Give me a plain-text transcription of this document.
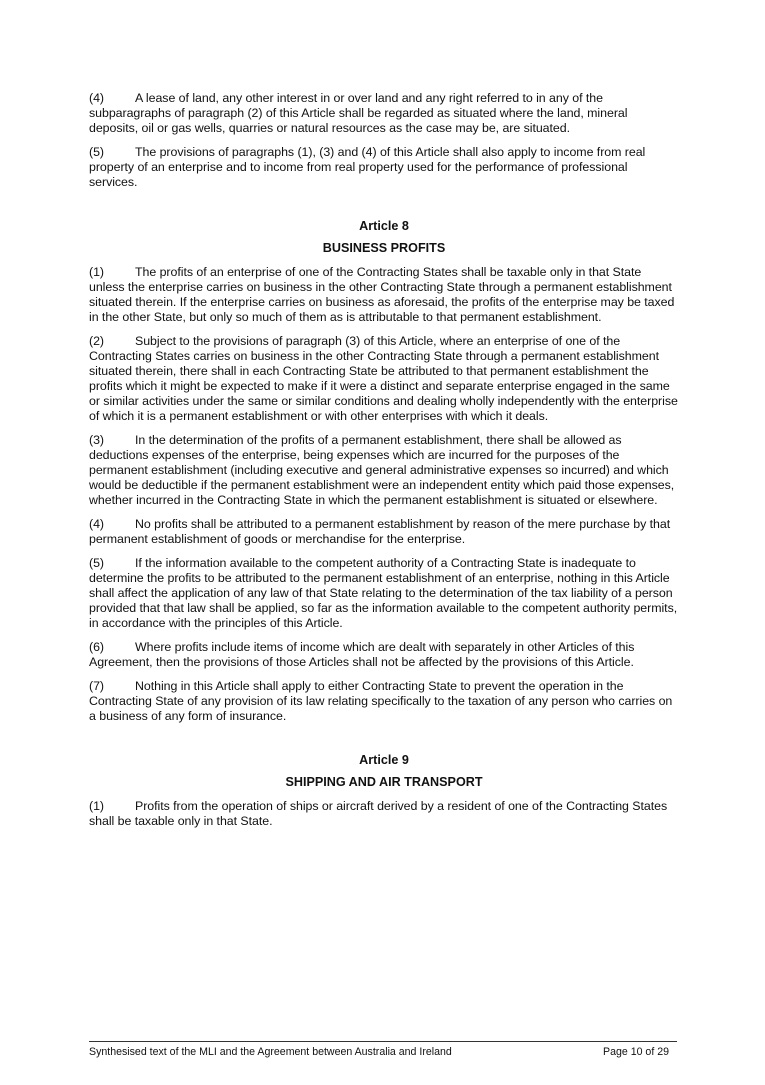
(4)	A lease of land, any other interest in or over land and any right referred to in any of the subparagraphs of paragraph (2) of this Article shall be regarded as situated where the land, mineral deposits, oil or gas wells, quarries or natural resources as the case may be, are situated.

(5)	The provisions of paragraphs (1), (3) and (4) of this Article shall also apply to income from real property of an enterprise and to income from real property used for the performance of professional services.

Article 8

BUSINESS PROFITS

(1)	The profits of an enterprise of one of the Contracting States shall be taxable only in that State unless the enterprise carries on business in the other Contracting State through a permanent establishment situated therein. If the enterprise carries on business as aforesaid, the profits of the enterprise may be taxed in the other State, but only so much of them as is attributable to that permanent establishment.

(2)	Subject to the provisions of paragraph (3) of this Article, where an enterprise of one of the Contracting States carries on business in the other Contracting State through a permanent establishment situated therein, there shall in each Contracting State be attributed to that permanent establishment the profits which it might be expected to make if it were a distinct and separate enterprise engaged in the same or similar activities under the same or similar conditions and dealing wholly independently with the enterprise of which it is a permanent establishment or with other enterprises with which it deals.

(3)	In the determination of the profits of a permanent establishment, there shall be allowed as deductions expenses of the enterprise, being expenses which are incurred for the purposes of the permanent establishment (including executive and general administrative expenses so incurred) and which would be deductible if the permanent establishment were an independent entity which paid those expenses, whether incurred in the Contracting State in which the permanent establishment is situated or elsewhere.

(4)	No profits shall be attributed to a permanent establishment by reason of the mere purchase by that permanent establishment of goods or merchandise for the enterprise.

(5)	If the information available to the competent authority of a Contracting State is inadequate to determine the profits to be attributed to the permanent establishment of an enterprise, nothing in this Article shall affect the application of any law of that State relating to the determination of the tax liability of a person provided that that law shall be applied, so far as the information available to the competent authority permits, in accordance with the principles of this Article.

(6)	Where profits include items of income which are dealt with separately in other Articles of this Agreement, then the provisions of those Articles shall not be affected by the provisions of this Article.

(7)	Nothing in this Article shall apply to either Contracting State to prevent the operation in the Contracting State of any provision of its law relating specifically to the taxation of any person who carries on a business of any form of insurance.

Article 9

SHIPPING AND AIR TRANSPORT

(1)	Profits from the operation of ships or aircraft derived by a resident of one of the Contracting States shall be taxable only in that State.

Synthesised text of the MLI and the Agreement between Australia and Ireland	Page 10 of 29
